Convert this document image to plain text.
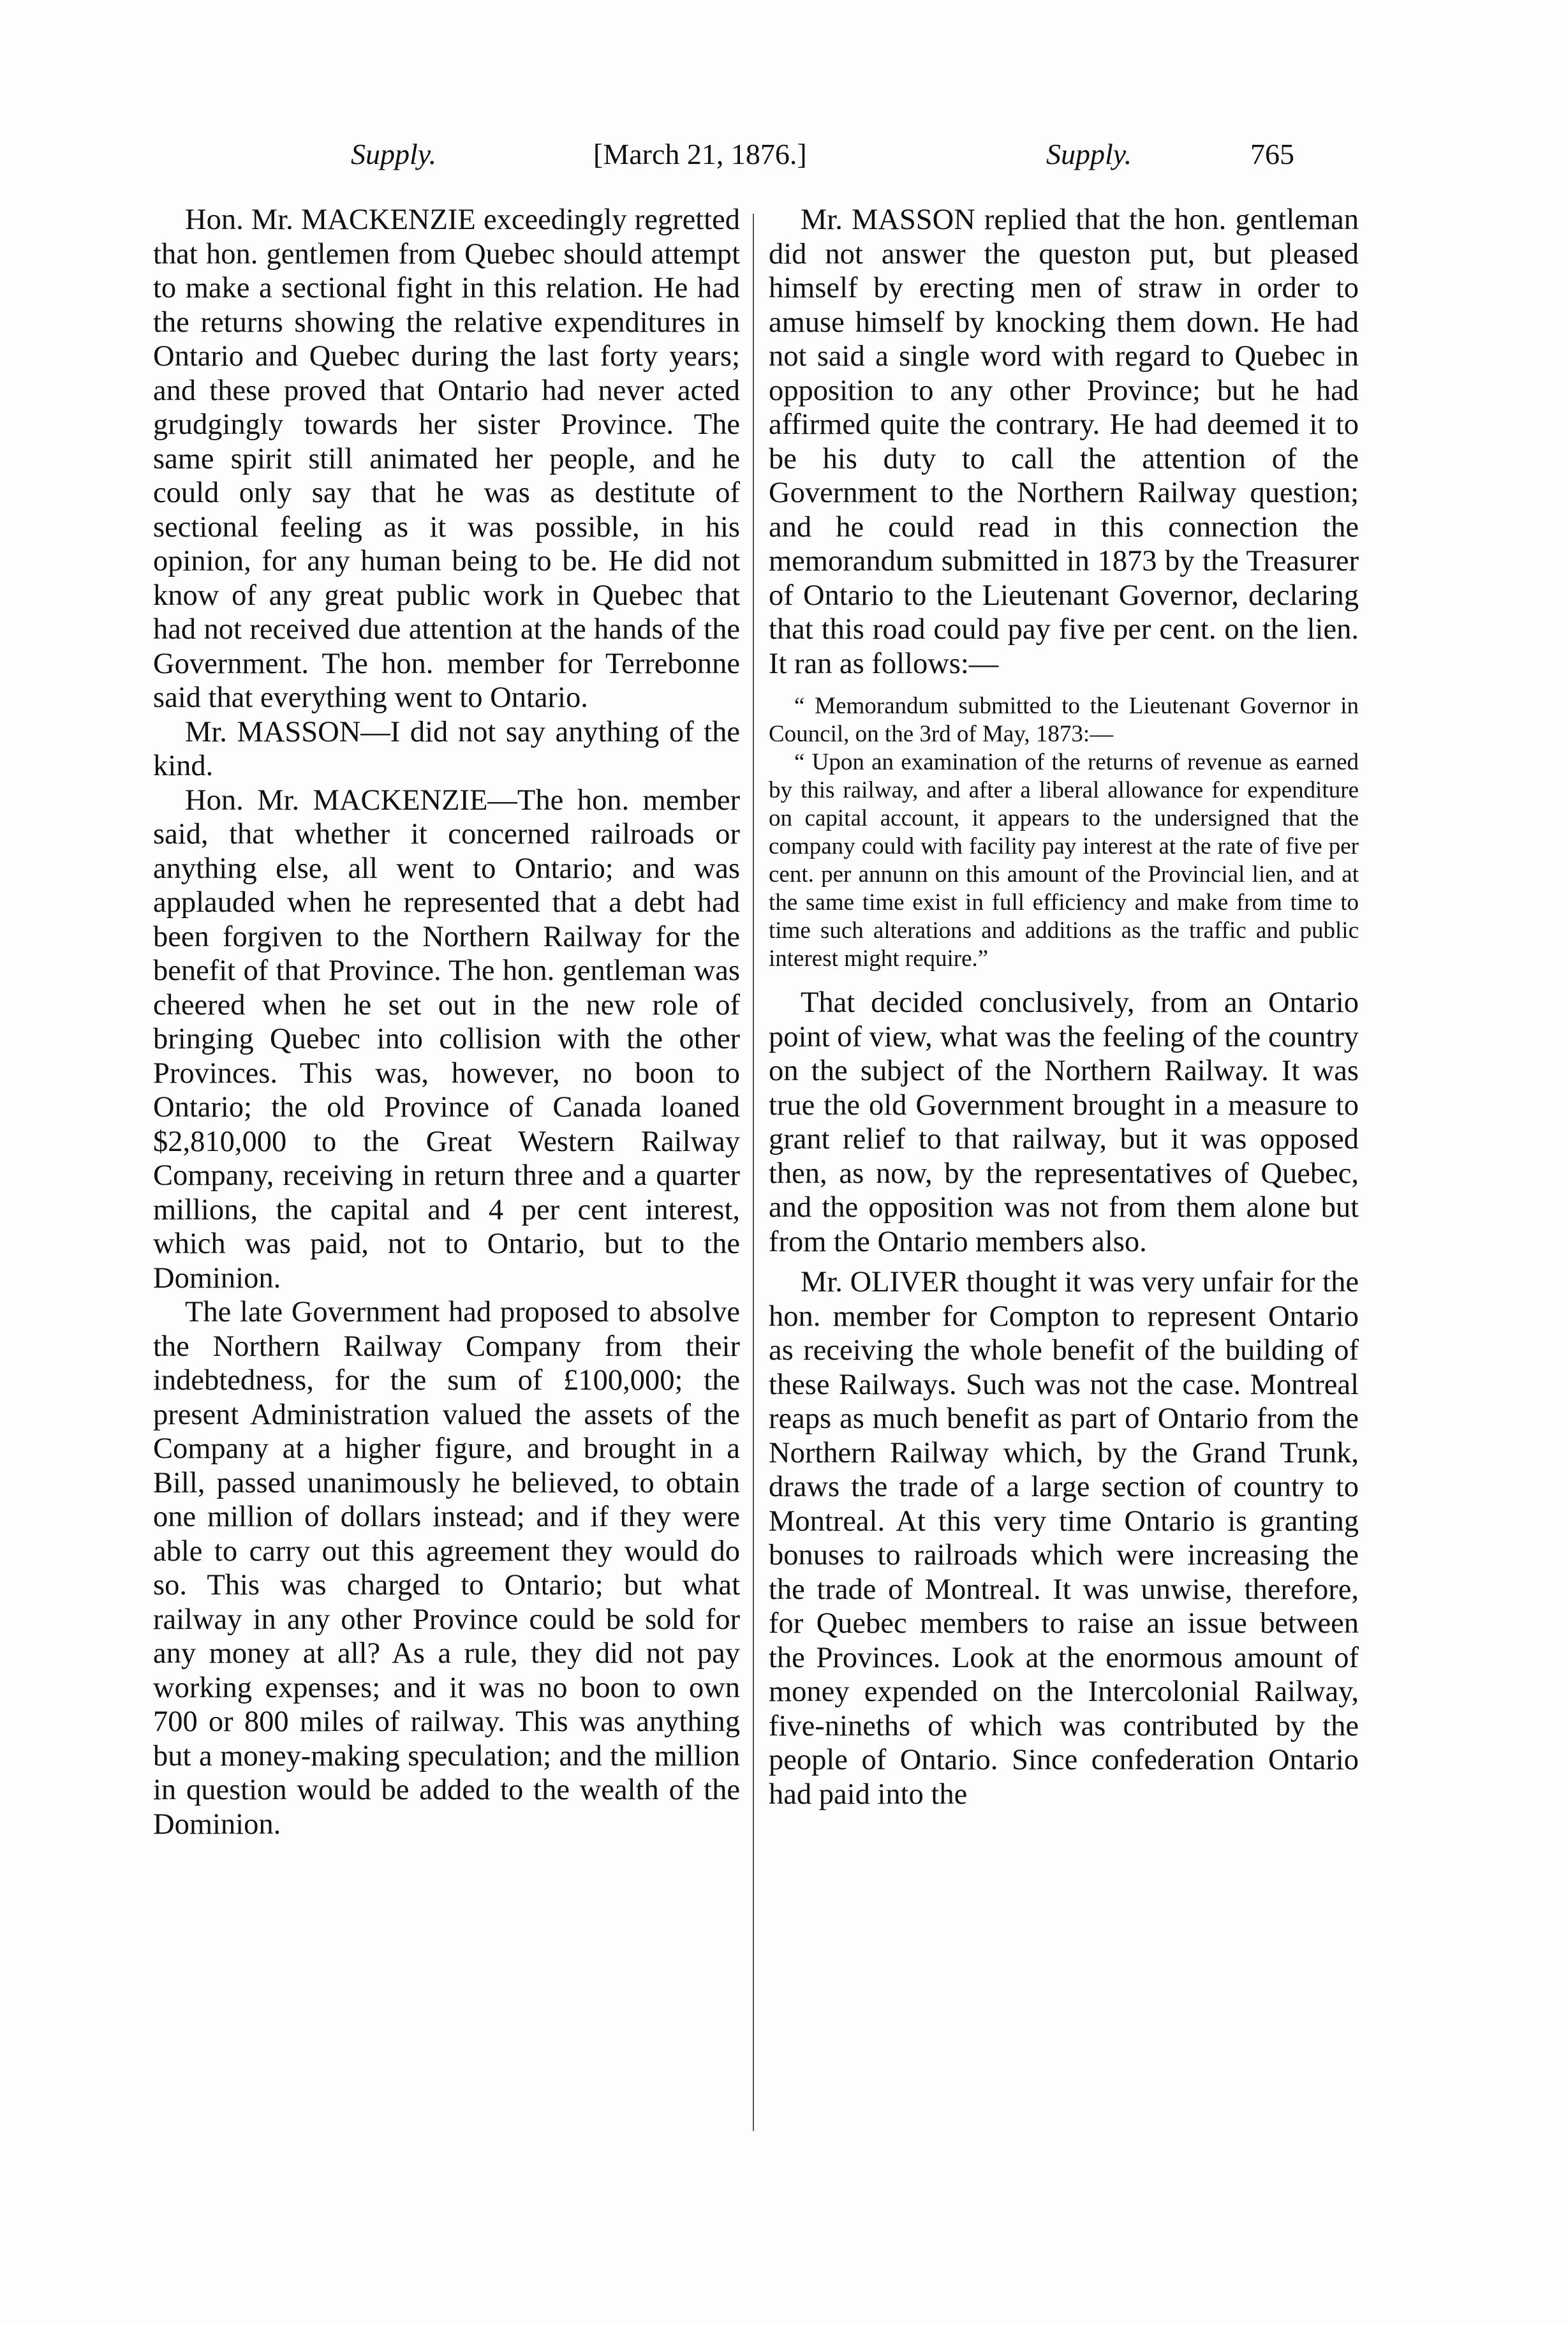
Supply.	[March 21, 1876.]	Supply.	765

Hon. Mr. MACKENZIE exceedingly regretted that hon. gentlemen from Quebec should attempt to make a sectional fight in this relation. He had the returns showing the relative expenditures in Ontario and Quebec during the last forty years; and these proved that Ontario had never acted grudgingly towards her sister Province. The same spirit still animated her people, and he could only say that he was as destitute of sectional feeling as it was possible, in his opinion, for any human being to be. He did not know of any great public work in Quebec that had not received due attention at the hands of the Government. The hon. member for Terrebonne said that everything went to Ontario.

Mr. MASSON—I did not say anything of the kind.

Hon. Mr. MACKENZIE—The hon. member said, that whether it concerned railroads or anything else, all went to Ontario; and was applauded when he represented that a debt had been forgiven to the Northern Railway for the benefit of that Province. The hon. gentleman was cheered when he set out in the new role of bringing Quebec into collision with the other Provinces. This was, however, no boon to Ontario; the old Province of Canada loaned $2,810,000 to the Great Western Railway Company, receiving in return three and a quarter millions, the capital and 4 per cent interest, which was paid, not to Ontario, but to the Dominion.

The late Government had proposed to absolve the Northern Railway Company from their indebtedness, for the sum of £100,000; the present Administration valued the assets of the Company at a higher figure, and brought in a Bill, passed unanimously he believed, to obtain one million of dollars instead; and if they were able to carry out this agreement they would do so. This was charged to Ontario; but what railway in any other Province could be sold for any money at all? As a rule, they did not pay working expenses; and it was no boon to own 700 or 800 miles of railway. This was anything but a money-making speculation; and the million in question would be added to the wealth of the Dominion.

Mr. MASSON replied that the hon. gentleman did not answer the queston put, but pleased himself by erecting men of straw in order to amuse himself by knocking them down. He had not said a single word with regard to Quebec in opposition to any other Province; but he had affirmed quite the contrary. He had deemed it to be his duty to call the attention of the Government to the Northern Railway question; and he could read in this connection the memorandum submitted in 1873 by the Treasurer of Ontario to the Lieutenant Governor, declaring that this road could pay five per cent. on the lien. It ran as follows:—

“ Memorandum submitted to the Lieutenant Governor in Council, on the 3rd of May, 1873:—

“ Upon an examination of the returns of revenue as earned by this railway, and after a liberal allowance for expenditure on capital account, it appears to the undersigned that the company could with facility pay interest at the rate of five per cent. per annunn on this amount of the Provincial lien, and at the same time exist in full efficiency and make from time to time such alterations and additions as the traffic and public interest might require.”

That decided conclusively, from an Ontario point of view, what was the feeling of the country on the subject of the Northern Railway. It was true the old Government brought in a measure to grant relief to that railway, but it was opposed then, as now, by the representatives of Quebec, and the opposition was not from them alone but from the Ontario members also.

Mr. OLIVER thought it was very unfair for the hon. member for Compton to represent Ontario as receiving the whole benefit of the building of these Railways. Such was not the case. Montreal reaps as much benefit as part of Ontario from the Northern Railway which, by the Grand Trunk, draws the trade of a large section of country to Montreal. At this very time Ontario is granting bonuses to railroads which were increasing the the trade of Montreal. It was unwise, therefore, for Quebec members to raise an issue between the Provinces. Look at the enormous amount of money expended on the Intercolonial Railway, five-nineths of which was contributed by the people of Ontario. Since confederation Ontario had paid into the
